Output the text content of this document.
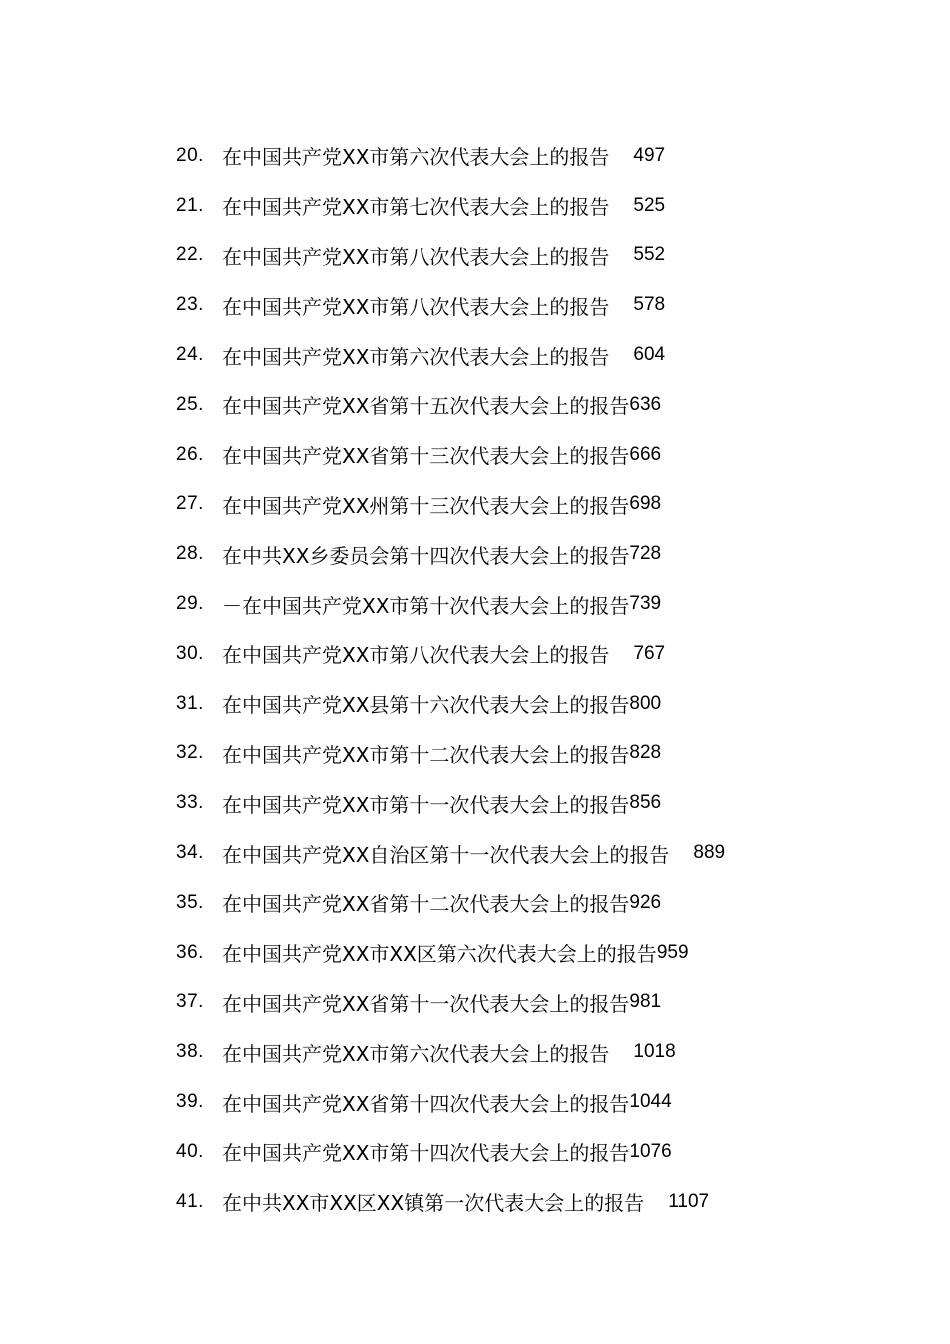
20. 在中国共产党XX市第六次代表大会上的报告 497
21. 在中国共产党XX市第七次代表大会上的报告 525
22. 在中国共产党XX市第八次代表大会上的报告 552
23. 在中国共产党XX市第八次代表大会上的报告 578
24. 在中国共产党XX市第六次代表大会上的报告 604
25. 在中国共产党XX省第十五次代表大会上的报告 636
26. 在中国共产党XX省第十三次代表大会上的报告 666
27. 在中国共产党XX州第十三次代表大会上的报告 698
28. 在中共XX乡委员会第十四次代表大会上的报告 728
29. －在中国共产党XX市第十次代表大会上的报告 739
30. 在中国共产党XX市第八次代表大会上的报告 767
31. 在中国共产党XX县第十六次代表大会上的报告 800
32. 在中国共产党XX市第十二次代表大会上的报告 828
33. 在中国共产党XX市第十一次代表大会上的报告 856
34. 在中国共产党XX自治区第十一次代表大会上的报告 889
35. 在中国共产党XX省第十二次代表大会上的报告 926
36. 在中国共产党XX市XX区第六次代表大会上的报告 959
37. 在中国共产党XX省第十一次代表大会上的报告 981
38. 在中国共产党XX市第六次代表大会上的报告 1018
39. 在中国共产党XX省第十四次代表大会上的报告 1044
40. 在中国共产党XX市第十四次代表大会上的报告 1076
41. 在中共XX市XX区XX镇第一次代表大会上的报告 1107
